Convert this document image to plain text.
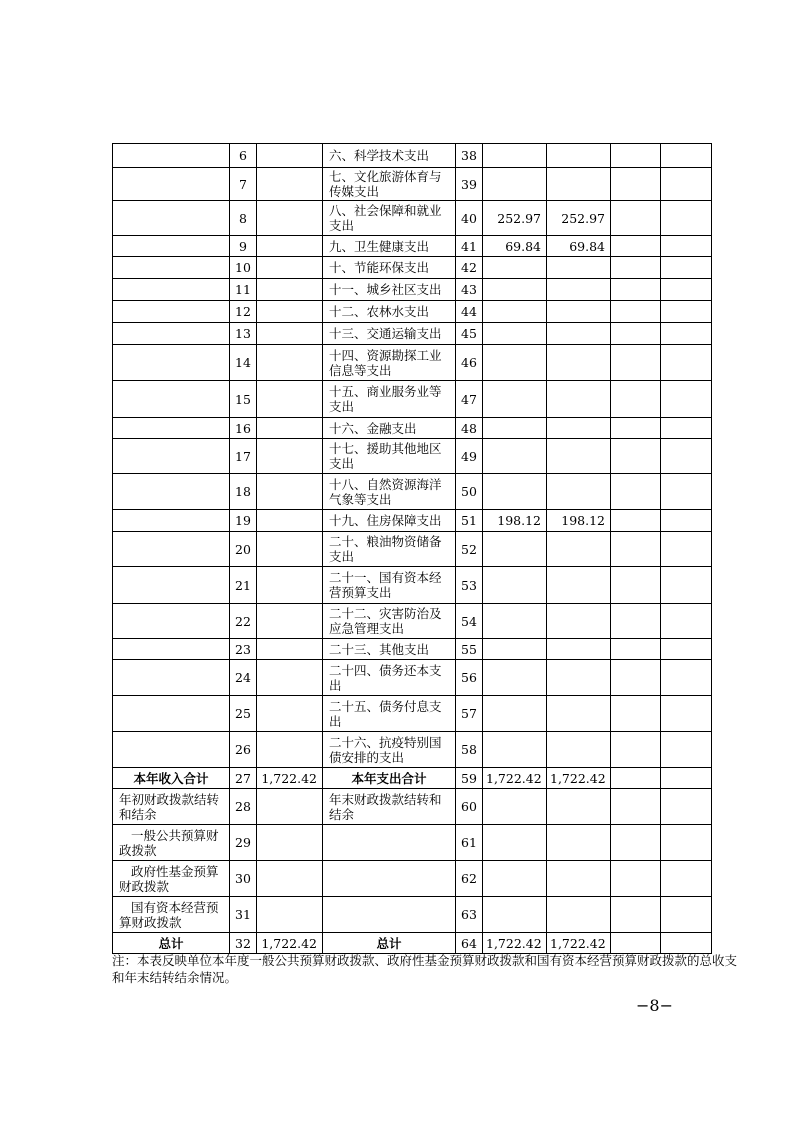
	6		六、科学技术支出	38				
	7		七、文化旅游体育与传媒支出	39				
	8		八、社会保障和就业支出	40	252.97	252.97		
	9		九、卫生健康支出	41	69.84	69.84		
	10		十、节能环保支出	42				
	11		十一、城乡社区支出	43				
	12		十二、农林水支出	44				
	13		十三、交通运输支出	45				
	14		十四、资源勘探工业信息等支出	46				
	15		十五、商业服务业等支出	47				
	16		十六、金融支出	48				
	17		十七、援助其他地区支出	49				
	18		十八、自然资源海洋气象等支出	50				
	19		十九、住房保障支出	51	198.12	198.12		
	20		二十、粮油物资储备支出	52				
	21		二十一、国有资本经营预算支出	53				
	22		二十二、灾害防治及应急管理支出	54				
	23		二十三、其他支出	55				
	24		二十四、债务还本支出	56				
	25		二十五、债务付息支出	57				
	26		二十六、抗疫特别国债安排的支出	58				
本年收入合计	27	1,722.42	本年支出合计	59	1,722.42	1,722.42		
年初财政拨款结转和结余	28		年末财政拨款结转和结余	60				
一般公共预算财政拨款	29			61				
政府性基金预算财政拨款	30			62				
国有资本经营预算财政拨款	31			63				
总计	32	1,722.42	总计	64	1,722.42	1,722.42		
注：本表反映单位本年度一般公共预算财政拨款、政府性基金预算财政拨款和国有资本经营预算财政拨款的总收支和年末结转结余情况。
−8−
